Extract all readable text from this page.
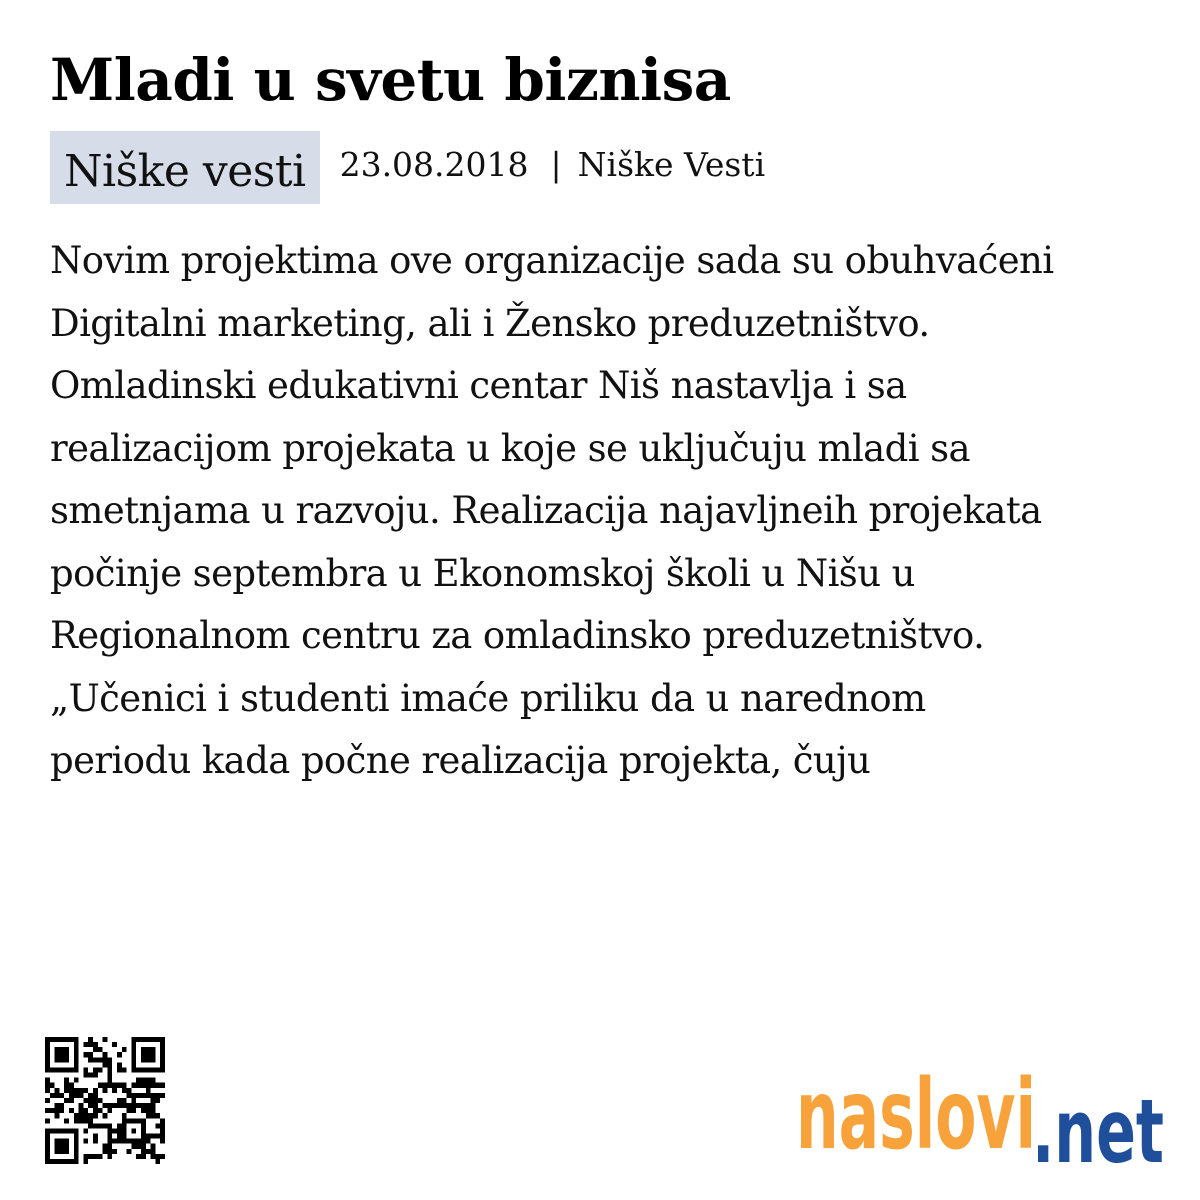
Mladi u svetu biznisa
Niške vesti	23.08.2018 | Niške Vesti

Novim projektima ove organizacije sada su obuhvaćeni
Digitalni marketing, ali i Žensko preduzetništvo.
Omladinski edukativni centar Niš nastavlja i sa
realizacijom projekata u koje se uključuju mladi sa
smetnjama u razvoju. Realizacija najavljneih projekata
počinje septembra u Ekonomskoj školi u Nišu u
Regionalnom centru za omladinsko preduzetništvo.
„Učenici i studenti imaće priliku da u narednom
periodu kada počne realizacija projekta, čuju

naslovi
.net
